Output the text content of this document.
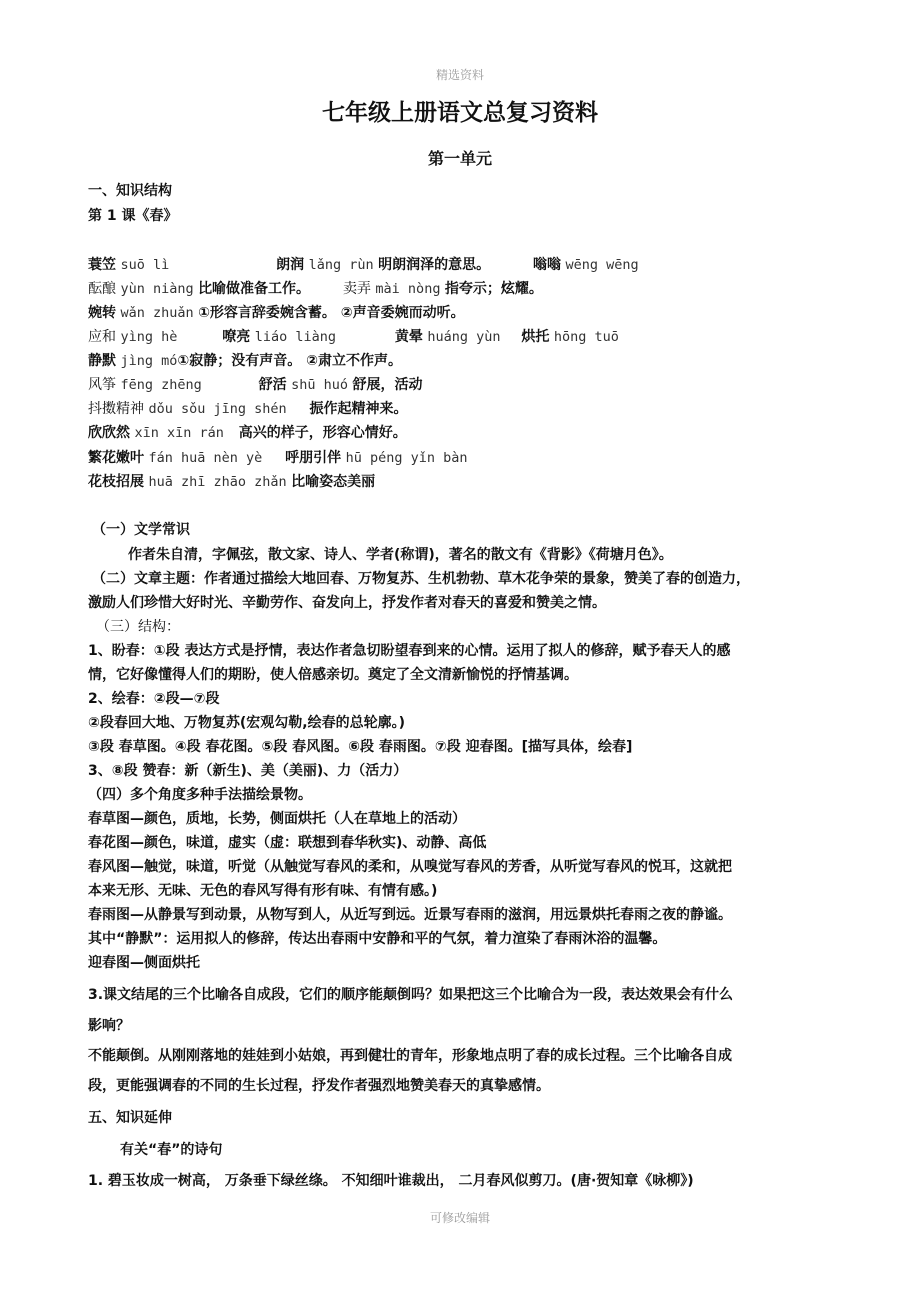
精选资料
七年级上册语文总复习资料
第一单元
一、知识结构
第 1 课《春》
蓑笠 suō lì	朗润 lǎng rùn 明朗润泽的意思。	嗡嗡 wēng wēng
酝酿 yùn niàng 比喻做准备工作。 卖弄 mài nòng 指夸示；炫耀。
婉转 wǎn zhuǎn ①形容言辞委婉含蓄。 ②声音委婉而动听。
应和 yìng hè	嘹亮 liáo liàng	黄晕 huáng yùn 烘托 hōng tuō
静默 jìng mó①寂静；没有声音。 ②肃立不作声。
风筝 fēng zhēng	舒活 shū huó 舒展，活动
抖擞精神 dǒu sǒu jīng shén 振作起精神来。
欣欣然 xīn xīn rán 高兴的样子，形容心情好。
繁花嫩叶 fán huā nèn yè 呼朋引伴 hū péng yǐn bàn
花枝招展 huā zhī zhāo zhǎn 比喻姿态美丽
（一）文学常识
作者朱自清，字佩弦，散文家、诗人、学者(称谓)，著名的散文有《背影》《荷塘月色》。
（二）文章主题：作者通过描绘大地回春、万物复苏、生机勃勃、草木花争荣的景象，赞美了春的创造力，
激励人们珍惜大好时光、辛勤劳作、奋发向上，抒发作者对春天的喜爱和赞美之情。
（三）结构：
1、盼春：①段 表达方式是抒情，表达作者急切盼望春到来的心情。运用了拟人的修辞，赋予春天人的感
情，它好像懂得人们的期盼，使人倍感亲切。奠定了全文清新愉悦的抒情基调。
2、绘春：②段—⑦段
②段春回大地、万物复苏(宏观勾勒,绘春的总轮廓。)
③段 春草图。④段 春花图。⑤段 春风图。⑥段 春雨图。⑦段 迎春图。[描写具体，绘春]
3、⑧段 赞春：新（新生)、美（美丽)、力（活力）
（四）多个角度多种手法描绘景物。
春草图—颜色，质地，长势，侧面烘托（人在草地上的活动）
春花图—颜色，味道，虚实（虚：联想到春华秋实)、动静、高低
春风图—触觉，味道，听觉（从触觉写春风的柔和，从嗅觉写春风的芳香，从听觉写春风的悦耳，这就把
本来无形、无味、无色的春风写得有形有味、有情有感。)
春雨图—从静景写到动景，从物写到人，从近写到远。近景写春雨的滋润，用远景烘托春雨之夜的静谧。
其中“静默”：运用拟人的修辞，传达出春雨中安静和平的气氛，着力渲染了春雨沐浴的温馨。
迎春图—侧面烘托
3.课文结尾的三个比喻各自成段，它们的顺序能颠倒吗？如果把这三个比喻合为一段，表达效果会有什么
影响？
不能颠倒。从刚刚落地的娃娃到小姑娘，再到健壮的青年，形象地点明了春的成长过程。三个比喻各自成
段，更能强调春的不同的生长过程，抒发作者强烈地赞美春天的真挚感情。
五、知识延伸
有关“春”的诗句
1. 碧玉妆成一树高， 万条垂下绿丝绦。 不知细叶谁裁出， 二月春风似剪刀。(唐·贺知章《咏柳》)
可修改编辑
